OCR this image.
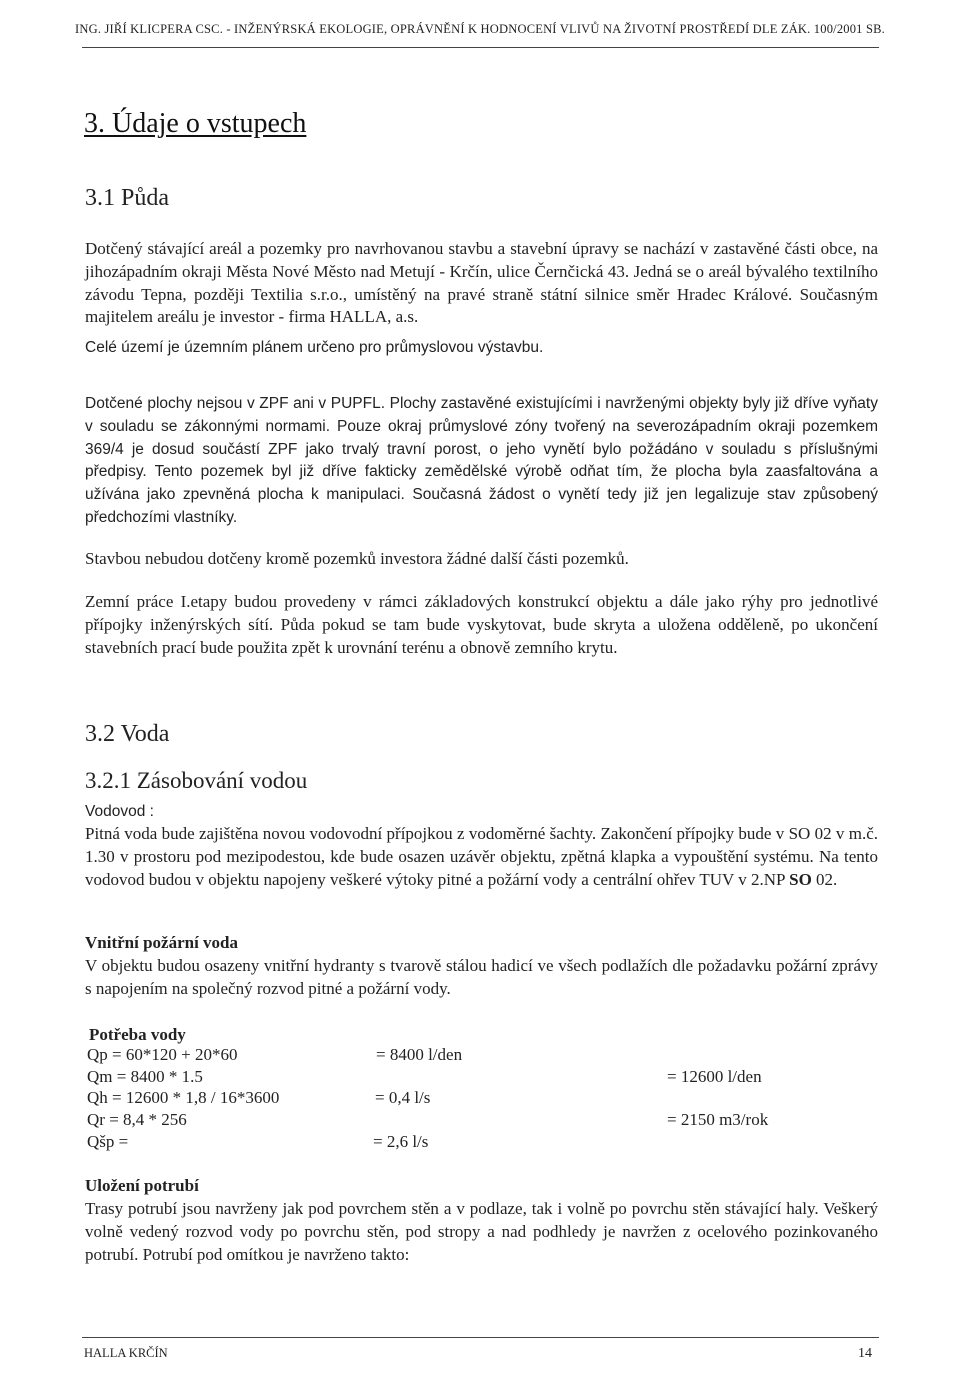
ING. JIŘÍ KLICPERA CSC. - INŽENÝRSKÁ EKOLOGIE, OPRÁVNĚNÍ K HODNOCENÍ VLIVŮ NA ŽIVOTNÍ PROSTŘEDÍ DLE ZÁK. 100/2001 SB.
3. Údaje o vstupech
3.1 Půda
Dotčený stávající areál a pozemky pro navrhovanou stavbu a stavební úpravy se nachází v zastavěné části obce, na jihozápadním okraji Města Nové Město nad Metují - Krčín, ulice Černčická 43. Jedná se o areál bývalého textilního závodu Tepna, později Textilia s.r.o., umístěný na pravé straně státní silnice směr Hradec Králové. Současným majitelem areálu je investor - firma HALLA, a.s.
Celé území je územním plánem určeno pro průmyslovou výstavbu.
Dotčené plochy nejsou v ZPF ani v PUPFL. Plochy zastavěné existujícími i navrženými objekty byly již dříve vyňaty v souladu se zákonnými normami. Pouze okraj průmyslové zóny tvořený na severozápadním okraji pozemkem 369/4 je dosud součástí ZPF jako trvalý travní porost, o jeho vynětí bylo požádáno v souladu s příslušnými předpisy. Tento pozemek byl již dříve fakticky zemědělské výrobě odňat tím, že plocha byla zaasfaltována a užívána jako zpevněná plocha k manipulaci. Současná žádost o vynětí tedy již jen legalizuje stav způsobený předchozími vlastníky.
Stavbou nebudou dotčeny kromě pozemků investora žádné další části pozemků.
Zemní práce I.etapy budou provedeny v rámci základových konstrukcí objektu a dále jako rýhy pro jednotlivé přípojky inženýrských sítí. Půda pokud se tam bude vyskytovat, bude skryta a uložena odděleně, po ukončení stavebních prací bude použita zpět k urovnání terénu a obnově zemního krytu.
3.2 Voda
3.2.1 Zásobování vodou
Vodovod :
Pitná voda bude zajištěna novou vodovodní přípojkou z vodoměrné šachty. Zakončení přípojky bude v SO 02 v m.č. 1.30 v prostoru pod mezipodestou, kde bude osazen uzávěr objektu, zpětná klapka a vypouštění systému. Na tento vodovod budou v objektu napojeny veškeré výtoky pitné a požární vody a centrální ohřev TUV v 2.NP SO 02.
Vnitřní požární voda
V objektu budou osazeny vnitřní hydranty s tvarově stálou hadicí ve všech podlažích dle požadavku požární zprávy s napojením na společný rozvod pitné a požární vody.
Potřeba vody
Qp = 60*120 + 20*60	= 8400 l/den
Qm = 8400 * 1.5	= 12600 l/den
Qh = 12600 * 1,8 / 16*3600	= 0,4 l/s
Qr = 8,4 * 256	= 2150 m3/rok
Qšp =	= 2,6 l/s
Uložení potrubí
Trasy potrubí jsou navrženy jak pod povrchem stěn a v podlaze, tak i volně po povrchu stěn stávající haly. Veškerý volně vedený rozvod vody po povrchu stěn, pod stropy a nad podhledy je navržen z ocelového pozinkovaného potrubí. Potrubí pod omítkou je navrženo takto:
HALLA KRČÍN	14
